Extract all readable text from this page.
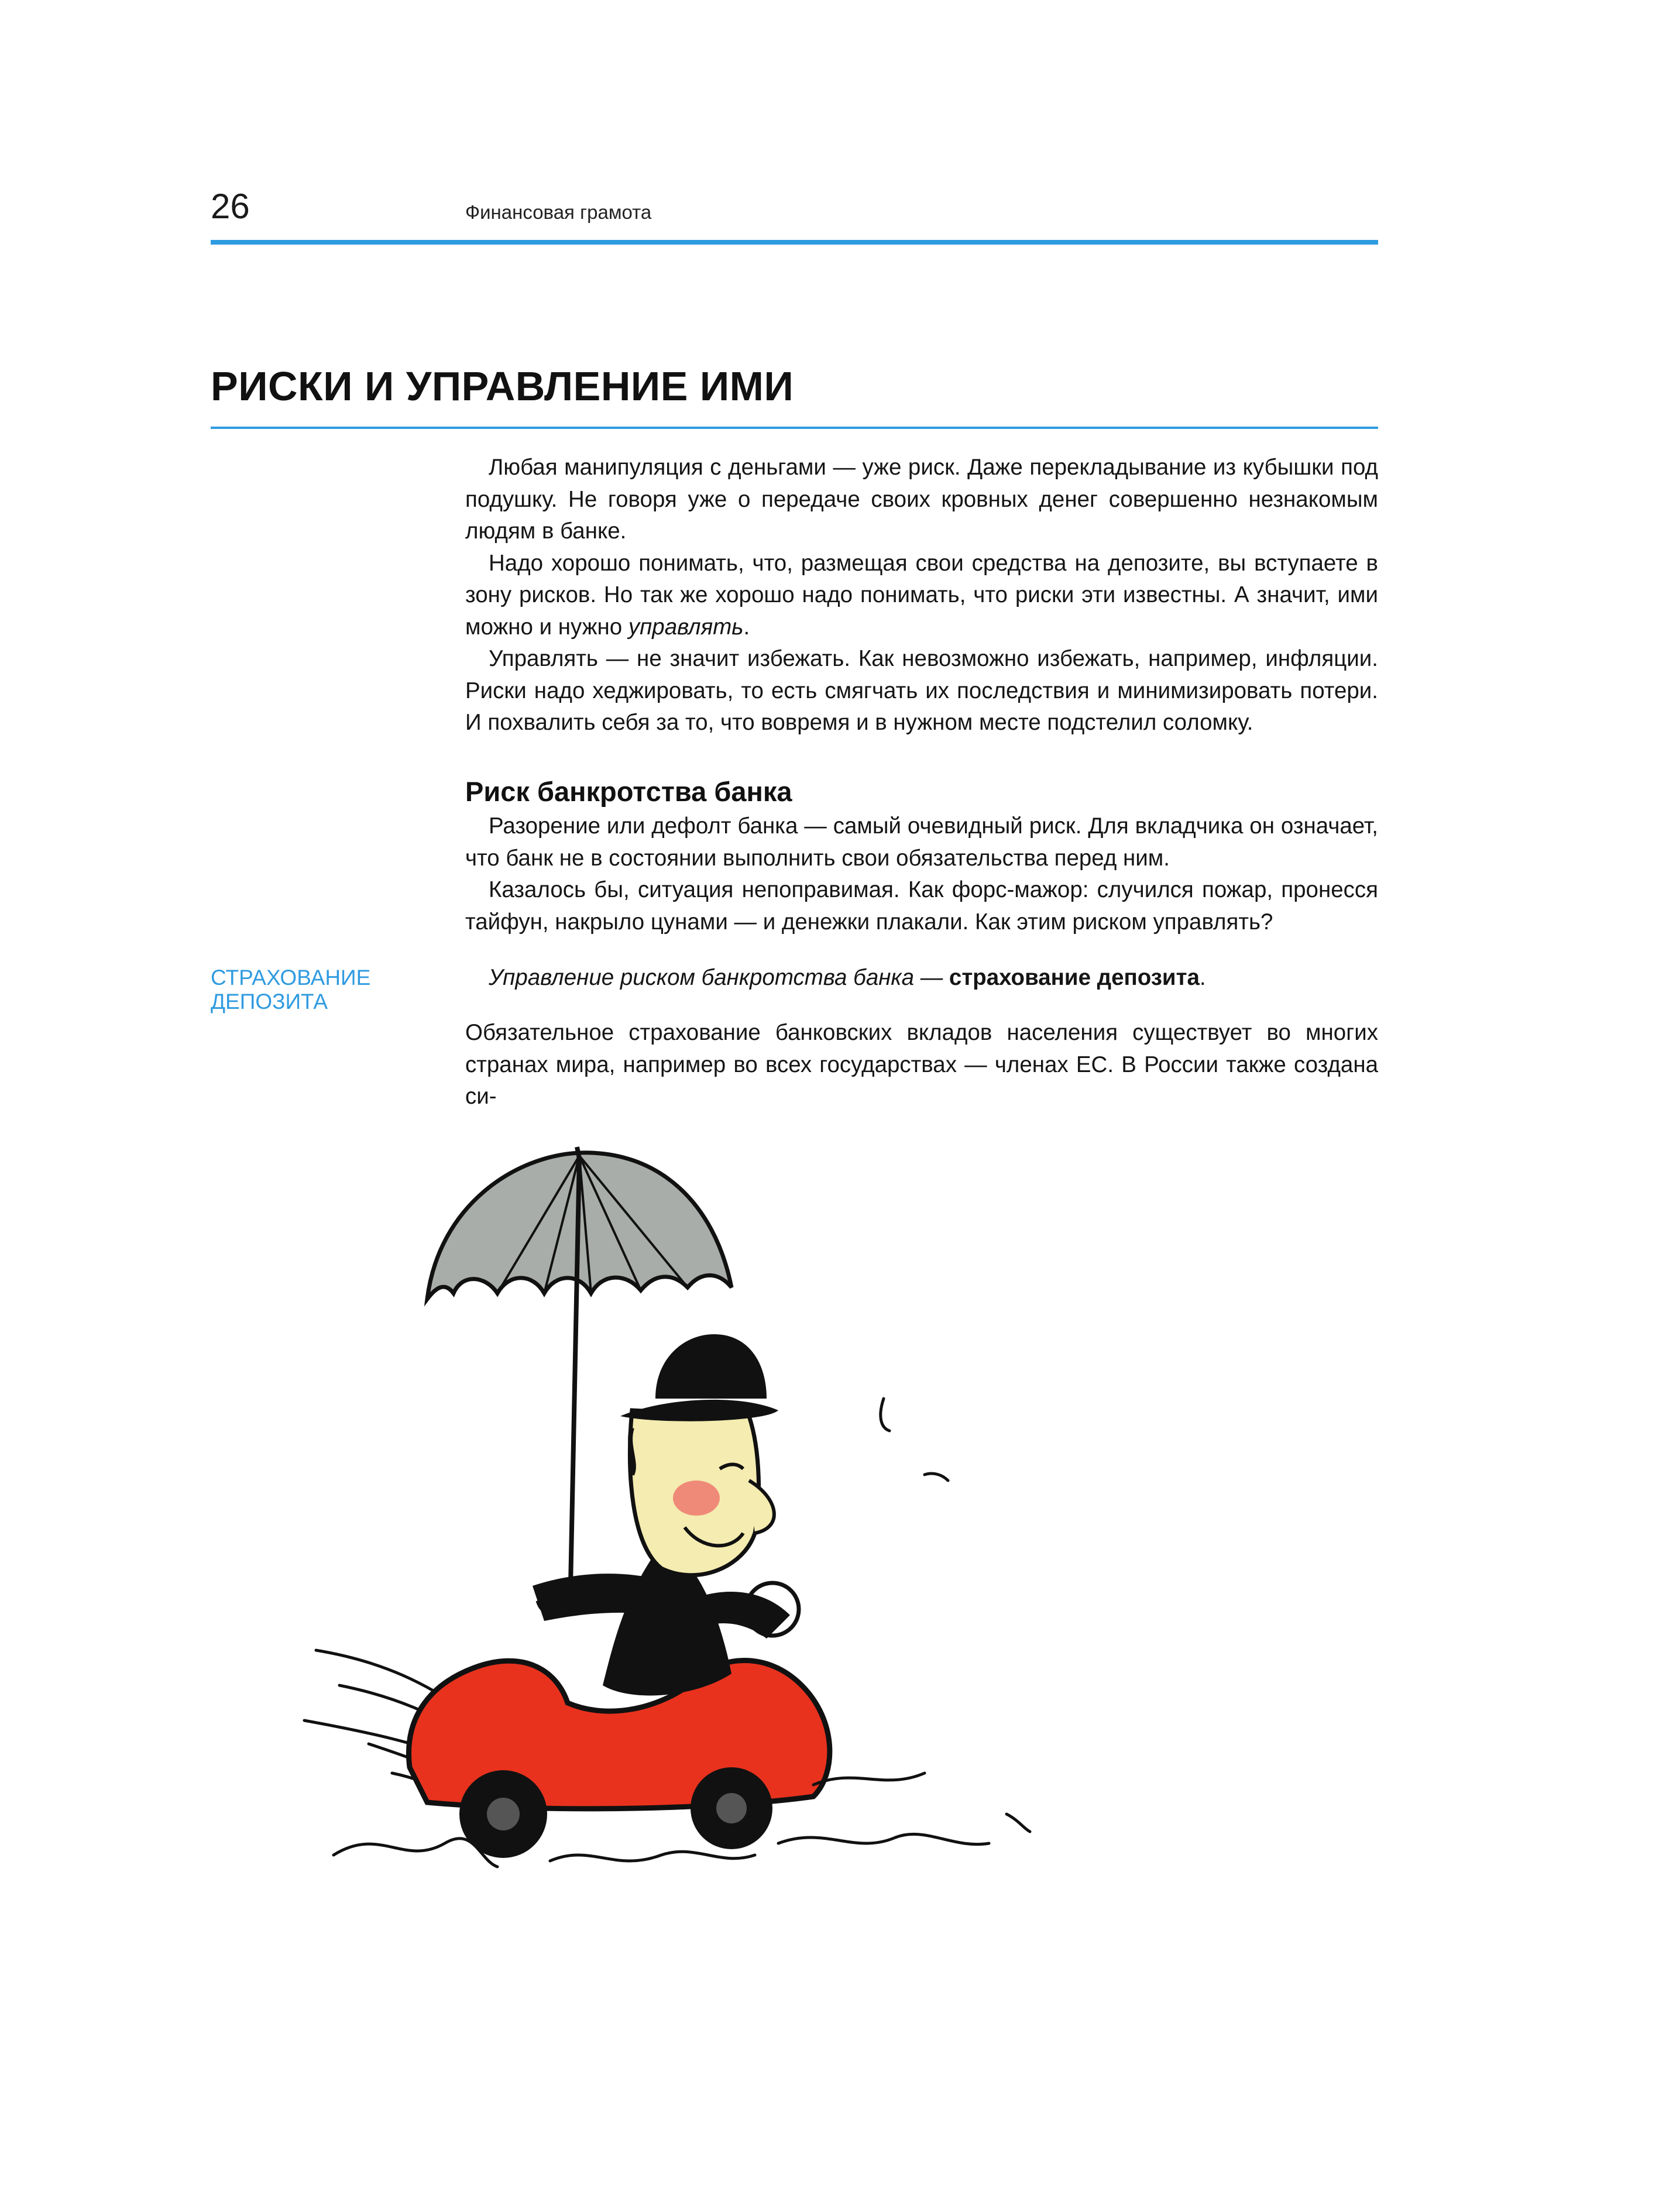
26	Финансовая грамота
РИСКИ И УПРАВЛЕНИЕ ИМИ

Любая манипуляция с деньгами — уже риск. Даже перекладывание из кубышки под подушку. Не говоря уже о передаче своих кровных денег совершенно незнакомым людям в банке.

Надо хорошо понимать, что, размещая свои средства на депозите, вы вступаете в зону рисков. Но так же хорошо надо понимать, что риски эти известны. А значит, ими можно и нужно управлять.

Управлять — не значит избежать. Как невозможно избежать, например, инфляции. Риски надо хеджировать, то есть смягчать их последствия и минимизировать потери. И похвалить себя за то, что вовремя и в нужном месте подстелил соломку.

Риск банкротства банка

Разорение или дефолт банка — самый очевидный риск. Для вкладчика он означает, что банк не в состоянии выполнить свои обязательства перед ним.

Казалось бы, ситуация непоправимая. Как форс-мажор: случился пожар, пронесся тайфун, накрыло цунами — и денежки плакали. Как этим риском управлять?

СТРАХОВАНИЕ ДЕПОЗИТА

Управление риском банкротства банка — страхование депозита.

Обязательное страхование банковских вкладов населения существует во многих странах мира, например во всех государствах — членах ЕС. В России также создана си-
